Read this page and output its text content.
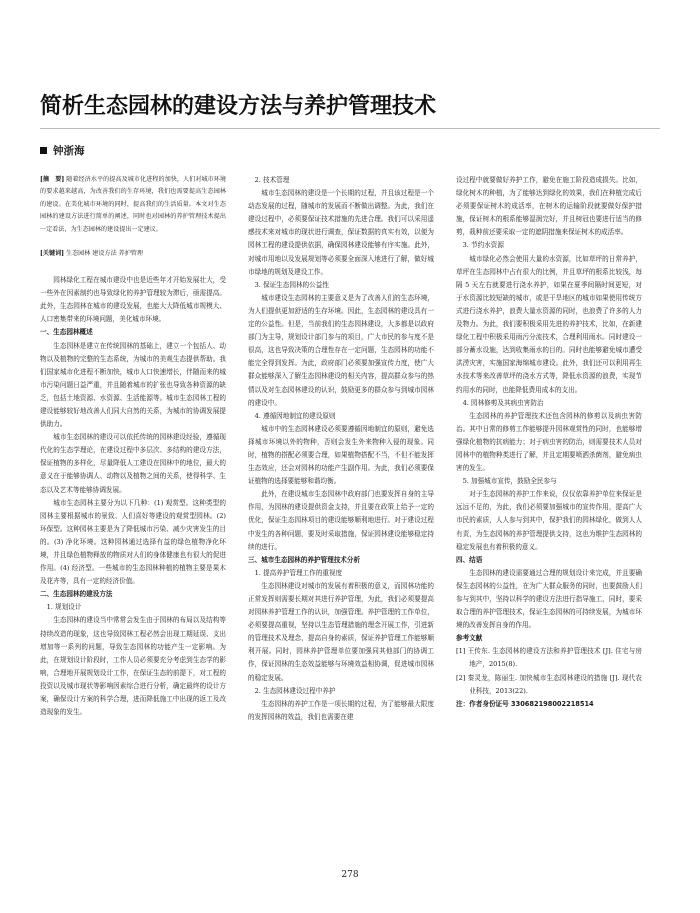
简析生态园林的建设方法与养护管理技术
钟浙海

[摘　要] 随着经济水平的提高及城市化进程的加快，人们对城市环境的要求越来越高，为改善我们的生存环境，我们也需要提高生态园林的建设。在美化城市环境的同时，提高我们的生活质量。本文对生态园林的建设方法进行简单的阐述，同时也对园林的养护管理技术提出一定看法，为生态园林的建设提出一定建议。

[关键词] 生态园林 建设方法 养护管理

园林绿化工程在城市建设中也是近些年才开始发展壮大，受一些外在因素制约也导致绿化的养护管理较为滞后，亟需提高。此外，生态园林在城市的建设发展，也能大大降低城市规模大、人口密集带来的环境问题，美化城市环境。

一、生态园林概述

生态园林是建立在传统园林的基础上，建立一个包括人、动物以及植物的完整的生态系统，为城市的美观生态提供帮助。我们国家城市化进程不断加快，城市人口快速增长，伴随而来的城市污染问题日益严重，并且随着城市的扩张也导致各种资源的缺乏，包括土地资源、水资源、生活能源等。城市生态园林工程的建设能够较好地改善人们同大自然的关系，为城市的协调发展提供助力。

城市生态园林的建设可以依托传统的园林建设经验，遵循现代化的生态学理论，在建设过程中多层次、多结构的建设方法，保证植物的多样化，尽量降低人工建设在园林中的地位，最大的意义在于能够协调人、动物以及植物之间的关系，使得科学、生态以及艺术等能够协调发展。

城市生态园林主要分为以下几种：(1) 观赏型。这种类型的园林主要根据城市的景致、人们喜好等建设的观赏型园林。(2) 环保型。这种园林主要是为了降低城市污染、减少灾害发生的目的。(3) 净化环境。这种园林通过选择有益的绿色植物净化环境，并且绿色植物释放的物质对人们的身体健康也有很大的促进作用。(4) 经济型。一些城市的生态园林种植的植物主要是果木及花卉等，具有一定的经济价值。

二、生态园林的建设方法

1. 规划设计

生态园林的建设当中常常会发生由于园林的布局以及结构等持续改造的现象，这也导致园林工程必然会出现工期延误、支出增加等一系列的问题，导致生态园林的功能产生一定影响。为此，在规划设计阶段时，工作人员必须要充分考虑到生态学的影响，合理地开展规划设计工作，在保证生态的前提下，对工程的投资以及城市现状等影响因素综合进行分析，确定最终的设计方案，确保设计方案的科学合理，进而降低施工中出现的返工及改造现象的发生。

2. 技术管理

城市生态园林的建设是一个长期的过程，并且该过程是一个动态发展的过程，随城市的发展而不断做出调整。为此，我们在建设过程中，必须要保证技术措施的先进合理。我们可以采用遥感技术来对城市的现状进行调查，保证数据的真实有效，以便为园林工程的建设提供依据，确保园林建设能够有序实施。此外，对城市用地以及发展规划等必须要全面深入地进行了解，做好城市绿地的规划及建设工作。

3. 保证生态园林的公益性

城市建设生态园林的主要意义是为了改善人们的生态环境，为人们提供更加舒适的生存环境。因此，生态园林的建设具有一定的公益性。但是，当前我们的生态园林建设，大多都是以政府部门为主导，规划设计部门参与的项目，广大市民的参与度不是很高，这也导致决策的合理性存在一定问题，生态园林的功能不能完全得到发挥。为此，政府部门必须要加强宣传力度，使广大群众能够深入了解生态园林建设的相关内容，提高群众参与的热情以及对生态园林建设的认识，鼓励更多的群众参与到城市园林的建设中。

4. 遵循因地制宜的建设原则

城市中的生态园林建设必须要遵循因地制宜的原则，避免选择城市环境以外的物种，否则会发生外来物种入侵的现象。同时，植物的搭配必须要合理，如果植物搭配不当，不但不能发挥生态效应，还会对园林的功能产生副作用。为此，我们必须要保证植物的选择要能够和谐均衡。

此外，在建设城市生态园林中政府部门也要发挥自身的主导作用，为园林的建设提供资金支持，并且要在政策上给予一定的优化，保证生态园林项目的建设能够顺利地进行。对于建设过程中发生的各种问题，要及时采取措施，保证园林建设能够稳定持续的进行。

三、城市生态园林的养护管理技术分析

1. 提高养护管理工作的重视度

生态园林建设对城市的发展有着积极的意义，而园林功能的正常发挥则需要长期对其进行养护管理，为此，我们必须要提高对园林养护管理工作的认识，加强管理。养护管理的工作单位，必须要提高重视，坚持以生态管理措施的理念开展工作，引进新的管理技术及理念，提高自身的素质，保证养护管理工作能够顺利开展。同时，园林养护管理单位要加强同其他部门的协调工作，保证园林的生态效益能够与环境效益相协调，促进城市园林的稳定发展。

2. 生态园林建设过程中养护

生态园林的养护工作是一项长期的过程，为了能够最大限度的发挥园林的效益，我们也需要在建

设过程中就要做好养护工作，避免在施工阶段造成损失。比如，绿化树木的种植，为了能够达到绿化的效果，我们在种植完成后必须要保证树木的成活率，在树木的运输阶段就要做好保护措施，保证树木的根系能够湿润完好，并且树冠也要进行适当的修剪，栽种前还要采取一定的遮阴措施来保证树木的成活率。

3. 节约水资源

城市绿化必然会使用大量的水资源，比如草坪的日常养护，草坪在生态园林中占有很大的比例，并且草坪的根系比较浅，每隔 5 天左右就要进行浇水养护，如果在夏季间隔时间更短，对于水资源比较短缺的城市，或是干旱地区的城市如果使用传统方式进行浇水养护，浪费大量水资源的同时，也浪费了许多的人力及物力。为此，我们要积极采用先进的养护技术，比如，在新建绿化工程中积极采用雨污分流技术，合理利用雨水。同时建设一部分蓄水设施，达到收集雨水的目的。同时也能够避免城市遭受洪涝灾害，实施国家海绵城市建设。此外，我们还可以利用再生水技术等来改善草坪的浇水方式等，降低水资源的浪费，实现节约用水的同时，也能降低费用成本的支出。

4. 园林修剪及其病虫害防治

生态园林的养护管理技术还包含园林的修剪以及病虫害防治。其中日常的修剪工作能够提升园林观赏性的同时，也能够增强绿化植物的抗病能力；对于病虫害的防治，则需要技术人员对园林中的植物种类进行了解，并且定期要喷洒杀菌剂，避免病虫害的发生。

5. 加强城市宣传，鼓励全民参与

对于生态园林的养护工作来说，仅仅依靠养护单位来保证是远远不足的，为此，我们必须要加强城市的宣传作用，提高广大市民的素质，人人参与到其中，保护我们的园林绿化，做到人人有责，为生态园林的养护管理提供支持，这也为维护生态园林的稳定发展也有着积极的意义。

四、结语

生态园林的建设需要通过合理的规划设计来完成，并且要确保生态园林的公益性，在为广大群众服务的同时，也要鼓励人们参与到其中，坚持以科学的建设方法进行指导施工，同时，要采取合理的养护管理技术，保证生态园林的可持续发展，为城市环境的改善发挥自身的作用。

参考文献

[1] 王传东. 生态园林的建设方法和养护管理技术 [J]. 住宅与房地产，2015(8).

[2] 秦灵龙，陈丽生. 加快城市生态园林建设的措施 [J]. 现代农业科技，2013(22).

注：作者身份证号 330682198002218514

278
